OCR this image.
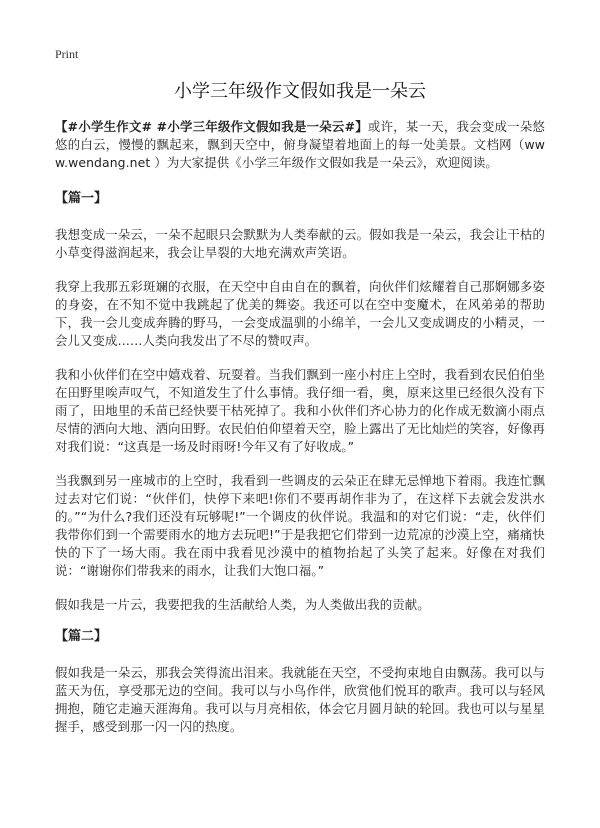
Print
小学三年级作文假如我是一朵云

【#小学生作文# #小学三年级作文假如我是一朵云#】或许，某一天，我会变成一朵悠悠的白云，慢慢的飘起来，飘到天空中，俯身凝望着地面上的每一处美景。文档网（www.wendang.net ）为大家提供《小学三年级作文假如我是一朵云》，欢迎阅读。

【篇一】

我想变成一朵云，一朵不起眼只会默默为人类奉献的云。假如我是一朵云，我会让干枯的小草变得滋润起来，我会让旱裂的大地充满欢声笑语。

我穿上我那五彩斑斓的衣服，在天空中自由自在的飘着，向伙伴们炫耀着自己那婀娜多姿的身姿，在不知不觉中我跳起了优美的舞姿。我还可以在空中变魔术，在风弟弟的帮助下，我一会儿变成奔腾的野马，一会变成温驯的小绵羊，一会儿又变成调皮的小精灵，一会儿又变成……人类向我发出了不尽的赞叹声。

我和小伙伴们在空中嬉戏着、玩耍着。当我们飘到一座小村庄上空时，我看到农民伯伯坐在田野里唉声叹气，不知道发生了什么事情。我仔细一看，奥，原来这里已经很久没有下雨了，田地里的禾苗已经快要干枯死掉了。我和小伙伴们齐心协力的化作成无数滴小雨点尽情的洒向大地、洒向田野。农民伯伯仰望着天空，脸上露出了无比灿烂的笑容，好像再对我们说：“这真是一场及时雨呀!今年又有了好收成。”

当我飘到另一座城市的上空时，我看到一些调皮的云朵正在肆无忌惮地下着雨。我连忙飘过去对它们说：“伙伴们，快停下来吧!你们不要再胡作非为了，在这样下去就会发洪水的。”“为什么?我们还没有玩够呢!”一个调皮的伙伴说。我温和的对它们说：“走，伙伴们我带你们到一个需要雨水的地方去玩吧!”于是我把它们带到一边荒凉的沙漠上空，痛痛快快的下了一场大雨。我在雨中我看见沙漠中的植物抬起了头笑了起来。好像在对我们说：“谢谢你们带我来的雨水，让我们大饱口福。”

假如我是一片云，我要把我的生活献给人类，为人类做出我的贡献。

【篇二】

假如我是一朵云，那我会笑得流出泪来。我就能在天空，不受拘束地自由飘荡。我可以与蓝天为伍，享受那无边的空间。我可以与小鸟作伴，欣赏他们悦耳的歌声。我可以与轻风拥抱，随它走遍天涯海角。我可以与月亮相依，体会它月圆月缺的轮回。我也可以与星星握手，感受到那一闪一闪的热度。
